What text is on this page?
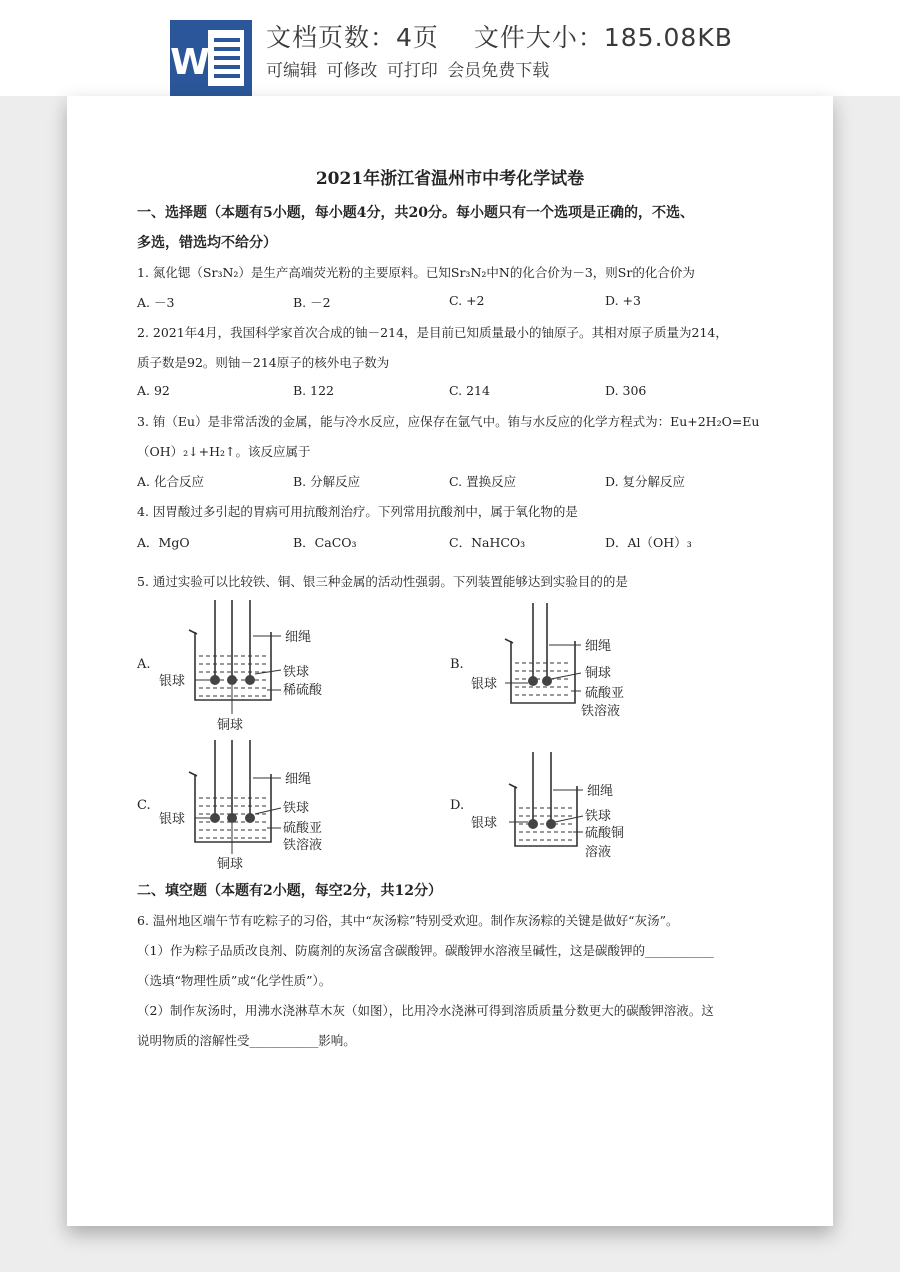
W
文档页数：4页　 文件大小：185.08KB
可编辑 可修改 可打印 会员免费下载
2021年浙江省温州市中考化学试卷
一、选择题（本题有5小题，每小题4分，共20分。每小题只有一个选项是正确的，不选、
多选，错选均不给分）
1. 氮化锶（Sr₃N₂）是生产高端荧光粉的主要原料。已知Sr₃N₂中N的化合价为－3，则Sr的化合价为
A. －3	B. －2	C. +2	D. +3
2. 2021年4月，我国科学家首次合成的铀－214，是目前已知质量最小的铀原子。其相对原子质量为214，
质子数是92。则铀－214原子的核外电子数为
A. 92	B. 122	C. 214	D. 306
3. 铕（Eu）是非常活泼的金属，能与冷水反应，应保存在氩气中。铕与水反应的化学方程式为：Eu+2H₂O=Eu
（OH）₂↓+H₂↑。该反应属于
A. 化合反应	B. 分解反应	C. 置换反应	D. 复分解反应
4. 因胃酸过多引起的胃病可用抗酸剂治疗。下列常用抗酸剂中，属于氧化物的是
A．MgO	B．CaCO₃	C．NaHCO₃	D．Al（OH）₃
5. 通过实验可以比较铁、铜、银三种金属的活动性强弱。下列装置能够达到实验目的的是
A.
细绳
铁球
稀硫酸
银球
铜球
B.
细绳
铜球
硫酸亚
铁溶液
银球
C.
细绳
铁球
硫酸亚
铁溶液
银球
铜球
D.
细绳
铁球
硫酸铜
溶液
银球
二、填空题（本题有2小题，每空2分，共12分）
6. 温州地区端午节有吃粽子的习俗，其中“灰汤粽”特别受欢迎。制作灰汤粽的关键是做好“灰汤”。
（1）作为粽子品质改良剂、防腐剂的灰汤富含碳酸钾。碳酸钾水溶液呈碱性，这是碳酸钾的___________
（选填“物理性质”或“化学性质”）。
（2）制作灰汤时，用沸水浇淋草木灰（如图），比用冷水浇淋可得到溶质质量分数更大的碳酸钾溶液。这
说明物质的溶解性受___________影响。
